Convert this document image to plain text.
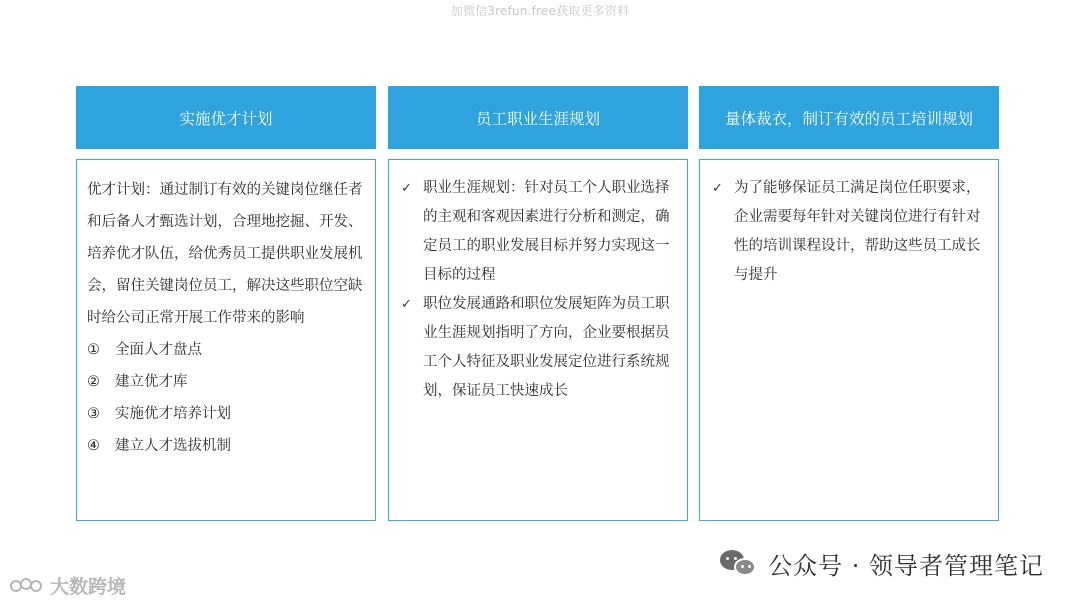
加微信3refun.free获取更多资料
实施优才计划

优才计划：通过制订有效的关键岗位继任者和后备人才甄选计划，合理地挖掘、开发、培养优才队伍，给优秀员工提供职业发展机会，留住关键岗位员工，解决这些职位空缺时给公司正常开展工作带来的影响

①	全面人才盘点
②	建立优才库
③	实施优才培养计划
④	建立人才选拔机制
员工职业生涯规划
✓ 职业生涯规划：针对员工个人职业选择的主观和客观因素进行分析和测定，确定员工的职业发展目标并努力实现这一目标的过程
✓ 职位发展通路和职位发展矩阵为员工职业生涯规划指明了方向，企业要根据员工个人特征及职业发展定位进行系统规划，保证员工快速成长
量体裁衣，制订有效的员工培训规划
✓ 为了能够保证员工满足岗位任职要求，企业需要每年针对关键岗位进行有针对性的培训课程设计，帮助这些员工成长与提升
公众号 · 领导者管理笔记
大数跨境
